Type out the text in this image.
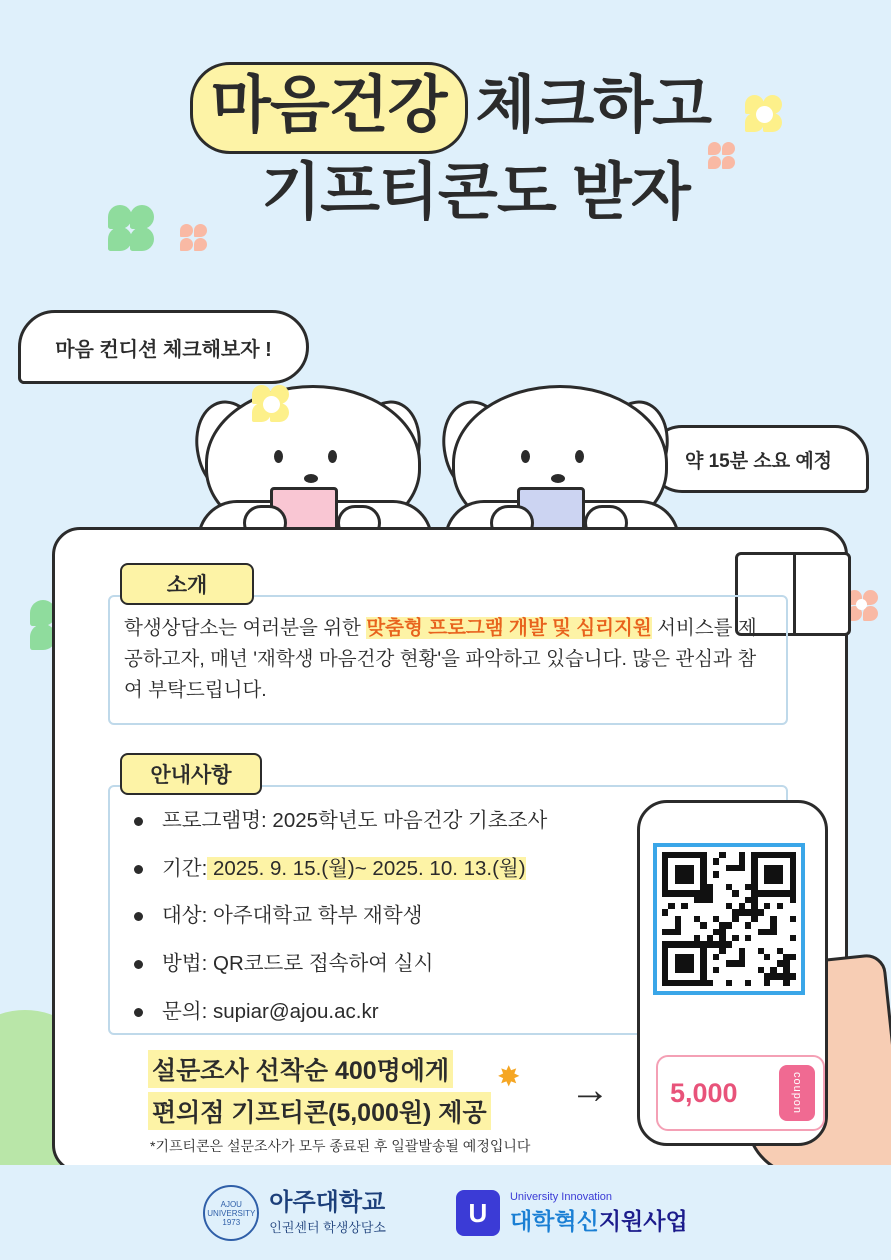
마음건강 체크하고
기프티콘도 받자
마음 컨디션 체크해보자 !
약 15분 소요 예정
소개
학생상담소는 여러분을 위한 맞춤형 프로그램 개발 및 심리지원 서비스를 제공하고자, 매년 '재학생 마음건강 현황'을 파악하고 있습니다. 많은 관심과 참여 부탁드립니다.
안내사항
프로그램명: 2025학년도 마음건강 기초조사
기간: 2025. 9. 15.(월)~ 2025. 10. 13.(월)
대상: 아주대학교 학부 재학생
방법: QR코드로 접속하여 실시
문의: supiar@ajou.ac.kr
5,000	coupon
설문조사 선착순 400명에게
편의점 기프티콘(5,000원) 제공
*기프티콘은 설문조사가 모두 종료된 후 일괄발송될 예정입니다
→
✸
AJOU UNIVERSITY 1973
아주대학교
인권센터 학생상담소	U
University Innovation
대학혁신지원사업
